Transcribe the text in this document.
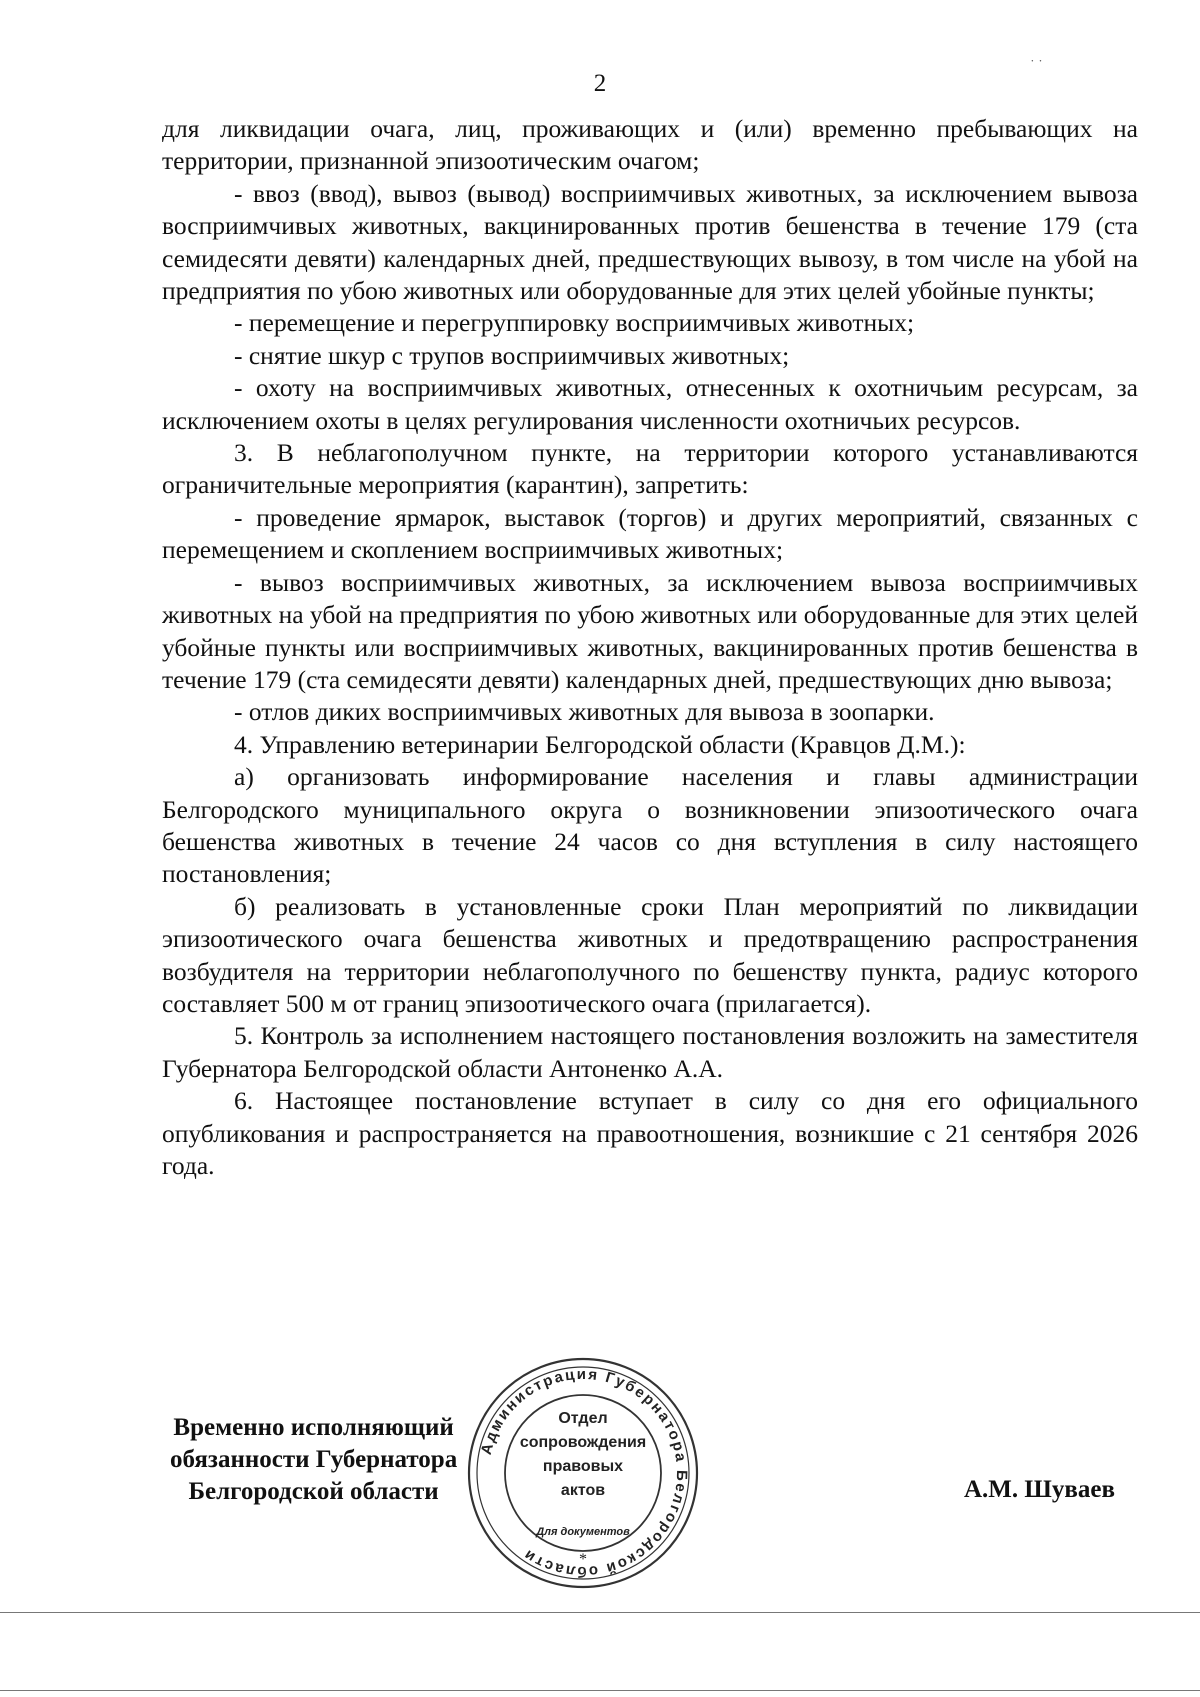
2
˙ ˙

для ликвидации очага, лиц, проживающих и (или) временно пребывающих на территории, признанной эпизоотическим очагом;

- ввоз (ввод), вывоз (вывод) восприимчивых животных, за исключением вывоза восприимчивых животных, вакцинированных против бешенства в течение 179 (ста семидесяти девяти) календарных дней, предшествующих вывозу, в том числе на убой на предприятия по убою животных или оборудованные для этих целей убойные пункты;

- перемещение и перегруппировку восприимчивых животных;

- снятие шкур с трупов восприимчивых животных;

- охоту на восприимчивых животных, отнесенных к охотничьим ресурсам, за исключением охоты в целях регулирования численности охотничьих ресурсов.

3. В неблагополучном пункте, на территории которого устанавливаются ограничительные мероприятия (карантин), запретить:

- проведение ярмарок, выставок (торгов) и других мероприятий, связанных с перемещением и скоплением восприимчивых животных;

- вывоз восприимчивых животных, за исключением вывоза восприимчивых животных на убой на предприятия по убою животных или оборудованные для этих целей убойные пункты или восприимчивых животных, вакцинированных против бешенства в течение 179 (ста семидесяти девяти) календарных дней, предшествующих дню вывоза;

- отлов диких восприимчивых животных для вывоза в зоопарки.

4. Управлению ветеринарии Белгородской области (Кравцов Д.М.):

а) организовать информирование населения и главы администрации Белгородского муниципального округа о возникновении эпизоотического очага бешенства животных в течение 24 часов со дня вступления в силу настоящего постановления;

б) реализовать в установленные сроки План мероприятий по ликвидации эпизоотического очага бешенства животных и предотвращению распространения возбудителя на территории неблагополучного по бешенству пункта, радиус которого составляет 500 м от границ эпизоотического очага (прилагается).

5. Контроль за исполнением настоящего постановления возложить на заместителя Губернатора Белгородской области Антоненко А.А.

6. Настоящее постановление вступает в силу со дня его официального опубликования и распространяется на правоотношения, возникшие с 21 сентября 2026 года.

Временно исполняющий
обязанности Губернатора
Белгородской области
Администрация Губернатора Белгородской области
Для документов
Отдел
сопровождения
правовых
актов
*
А.М. Шуваев
